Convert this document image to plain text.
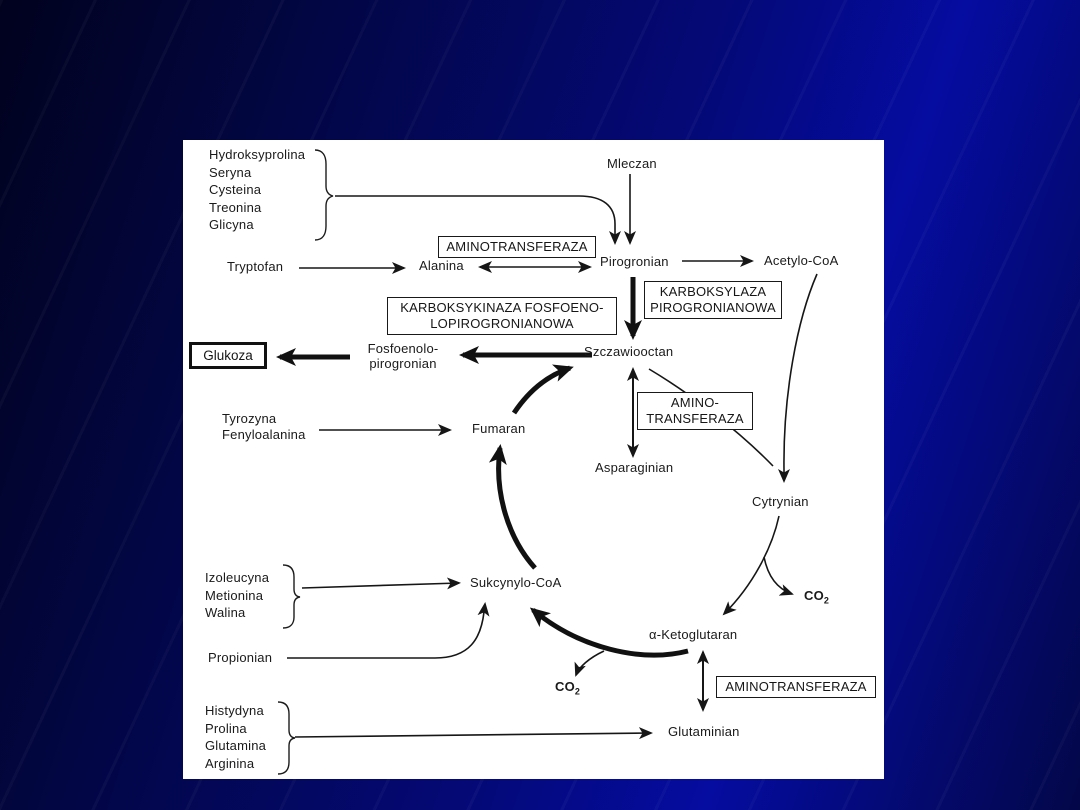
Hydroksyprolina
Seryna
Cysteina
Treonina
Glicyna
Izoleucyna
Metionina
Walina
Histydyna
Prolina
Glutamina
Arginina
Mleczan
Tryptofan	Alanina	Pirogronian	Acetylo-CoA
Glukoza	Fosfoenolo-
pirogronian
Szczawiooctan
Asparaginian
Tyrozyna
Fenyloalanina	Fumaran
Cytrynian
α-Ketoglutaran
Sukcynylo-CoA
Glutaminian
Propionian
$CO_2$
$CO_2$
AMINOTRANSFERAZA
KARBOKSYLAZA
PIROGRONIANOWA
KARBOKSYKINAZA FOSFOENO-
LOPIROGRONIANOWA
AMINO-
TRANSFERAZA
AMINOTRANSFERAZA
